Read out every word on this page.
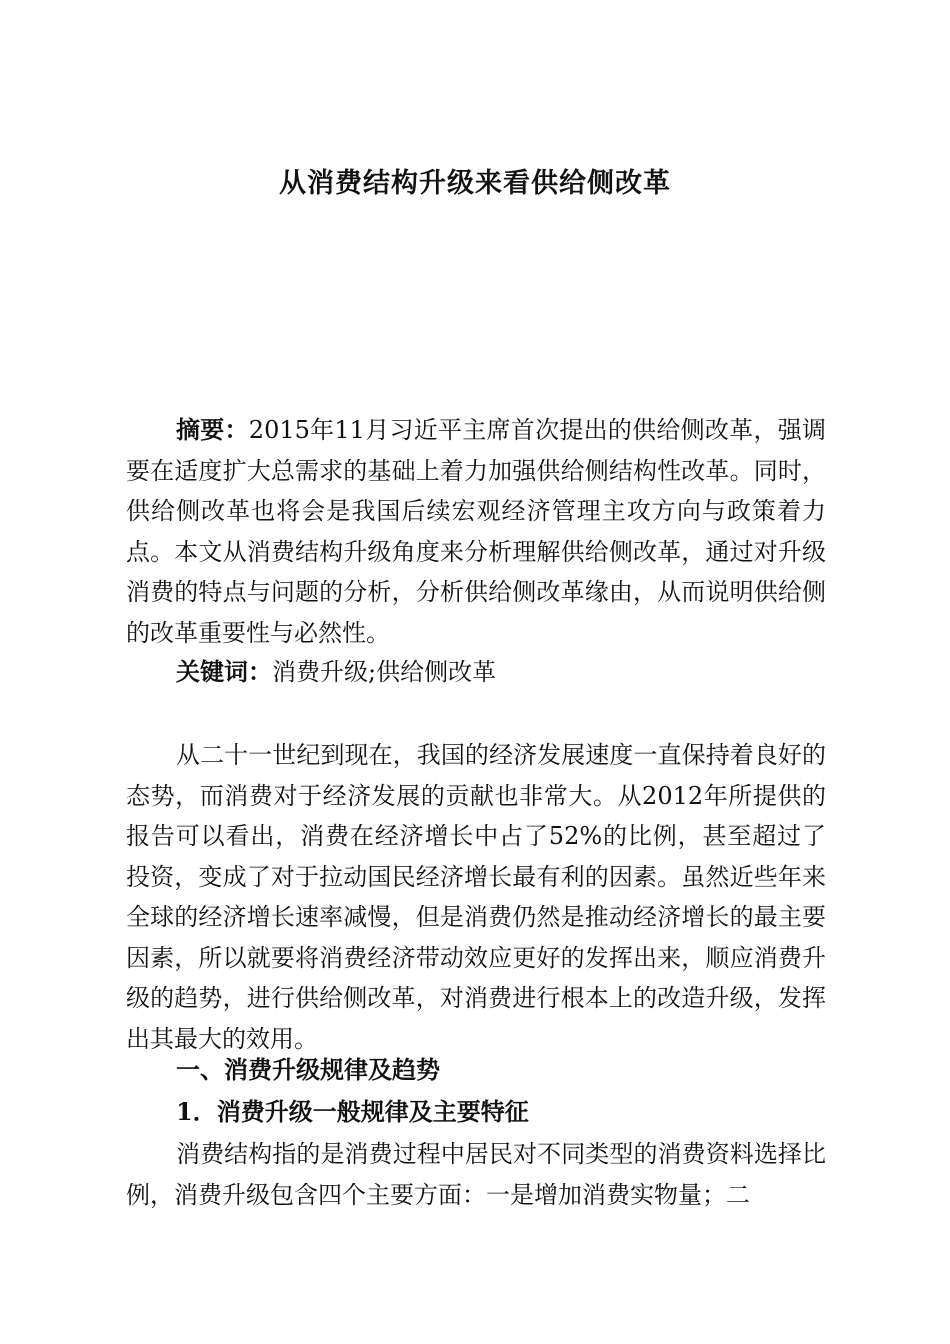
从消费结构升级来看供给侧改革

摘要：2015年11月习近平主席首次提出的供给侧改革，强调要在适度扩大总需求的基础上着力加强供给侧结构性改革。同时，供给侧改革也将会是我国后续宏观经济管理主攻方向与政策着力点。本文从消费结构升级角度来分析理解供给侧改革，通过对升级消费的特点与问题的分析，分析供给侧改革缘由，从而说明供给侧的改革重要性与必然性。

关键词：消费升级;供给侧改革

从二十一世纪到现在，我国的经济发展速度一直保持着良好的态势，而消费对于经济发展的贡献也非常大。从2012年所提供的报告可以看出，消费在经济增长中占了52%的比例，甚至超过了投资，变成了对于拉动国民经济增长最有利的因素。虽然近些年来全球的经济增长速率减慢，但是消费仍然是推动经济增长的最主要因素，所以就要将消费经济带动效应更好的发挥出来，顺应消费升级的趋势，进行供给侧改革，对消费进行根本上的改造升级，发挥出其最大的效用。

一、消费升级规律及趋势

1．消费升级一般规律及主要特征

消费结构指的是消费过程中居民对不同类型的消费资料选择比例，消费升级包含四个主要方面：一是增加消费实物量；二
